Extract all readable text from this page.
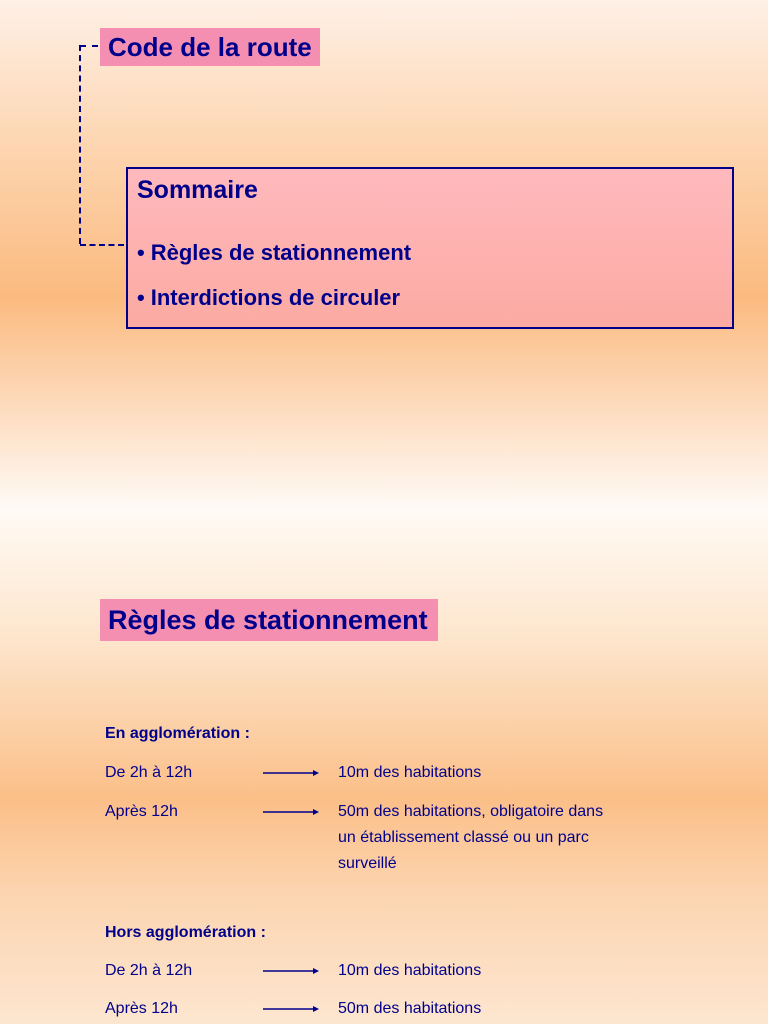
Code de la route
Sommaire
• Règles de stationnement
• Interdictions de circuler
Règles de stationnement
En agglomération :
De 2h à 12h	10m des habitations
Après 12h	50m des habitations, obligatoire dans
un établissement classé ou un parc
surveillé
Hors agglomération :
De 2h à 12h	10m des habitations
Après 12h	50m des habitations
